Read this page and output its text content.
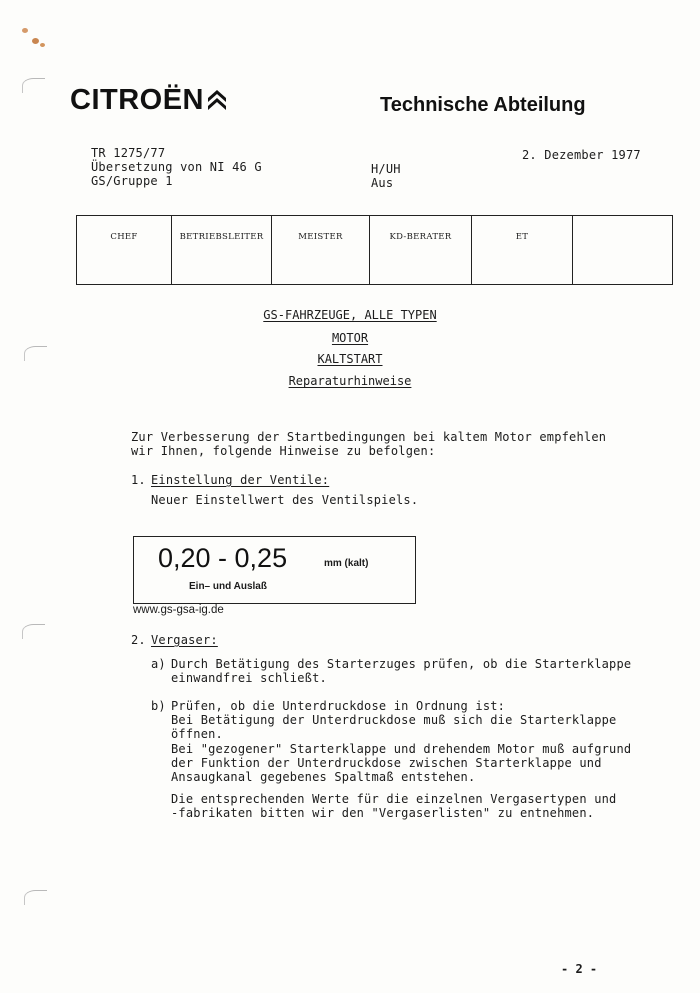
CITROËN	Technische Abteilung
TR 1275/77
Übersetzung von NI 46 G
GS/Gruppe 1
H/UH
Aus
2. Dezember 1977
CHEF	BETRIEBSLEITER	MEISTER	KD-BERATER	ET
GS-FAHRZEUGE, ALLE TYPEN
MOTOR
KALTSTART
Reparaturhinweise
Zur Verbesserung der Startbedingungen bei kaltem Motor empfehlen
wir Ihnen, folgende Hinweise zu befolgen:
1. Einstellung der Ventile:
Neuer Einstellwert des Ventilspiels.
0,20 - 0,25	mm (kalt)
Ein– und Auslaß
www.gs-gsa-ig.de
2. Vergaser:
a) Durch Betätigung des Starterzuges prüfen, ob die Starterklappe
einwandfrei schließt.
b) Prüfen, ob die Unterdruckdose in Ordnung ist:
Bei Betätigung der Unterdruckdose muß sich die Starterklappe
öffnen.
Bei "gezogener" Starterklappe und drehendem Motor muß aufgrund
der Funktion der Unterdruckdose zwischen Starterklappe und
Ansaugkanal gegebenes Spaltmaß entstehen.
Die entsprechenden Werte für die einzelnen Vergasertypen und
-fabrikaten bitten wir den "Vergaserlisten" zu entnehmen.
- 2 -
